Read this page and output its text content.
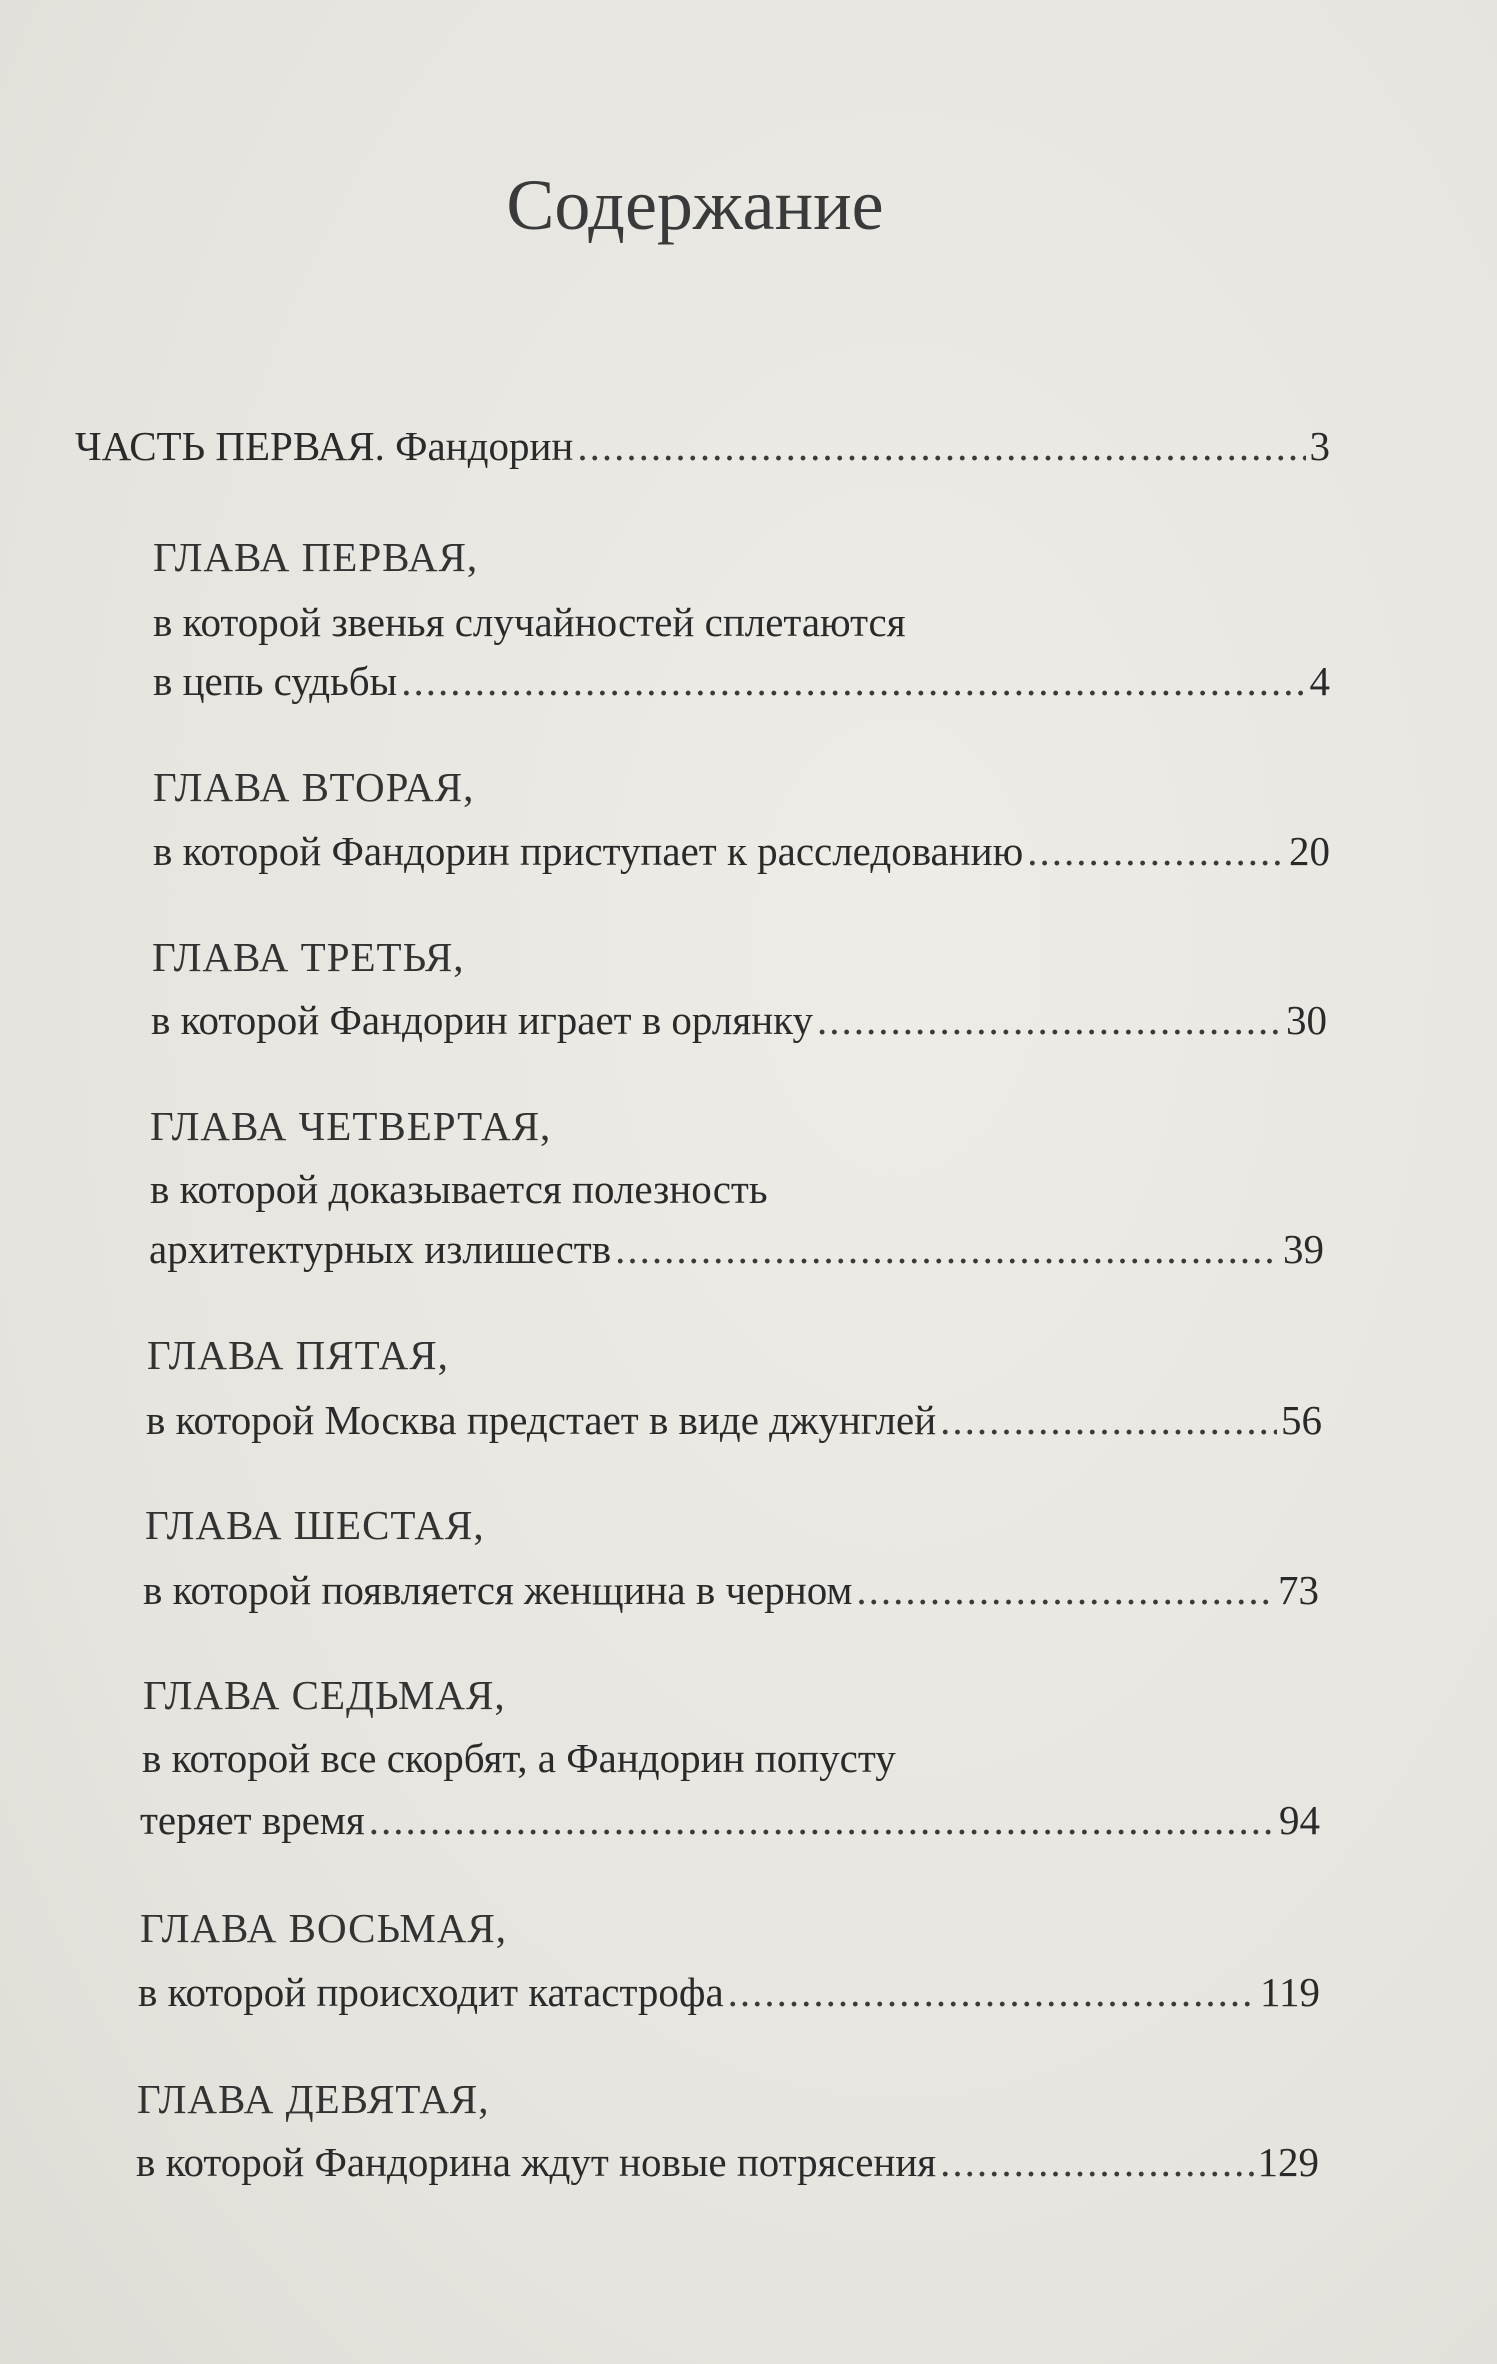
Содержание
ЧАСТЬ ПЕРВАЯ. Фандорин .....	3
ГЛАВА ПЕРВАЯ,
в которой звенья случайностей сплетаются
в цепь судьбы .....	4
ГЛАВА ВТОРАЯ,
в которой Фандорин приступает к расследованию .....	20
ГЛАВА ТРЕТЬЯ,
в которой Фандорин играет в орлянку .....	30
ГЛАВА ЧЕТВЕРТАЯ,
в которой доказывается полезность
архитектурных излишеств .....	39
ГЛАВА ПЯТАЯ,
в которой Москва предстает в виде джунглей .....	56
ГЛАВА ШЕСТАЯ,
в которой появляется женщина в черном .....	73
ГЛАВА СЕДЬМАЯ,
в которой все скорбят, а Фандорин попусту
теряет время .....	94
ГЛАВА ВОСЬМАЯ,
в которой происходит катастрофа .....	119
ГЛАВА ДЕВЯТАЯ,
в которой Фандорина ждут новые потрясения .....	129
